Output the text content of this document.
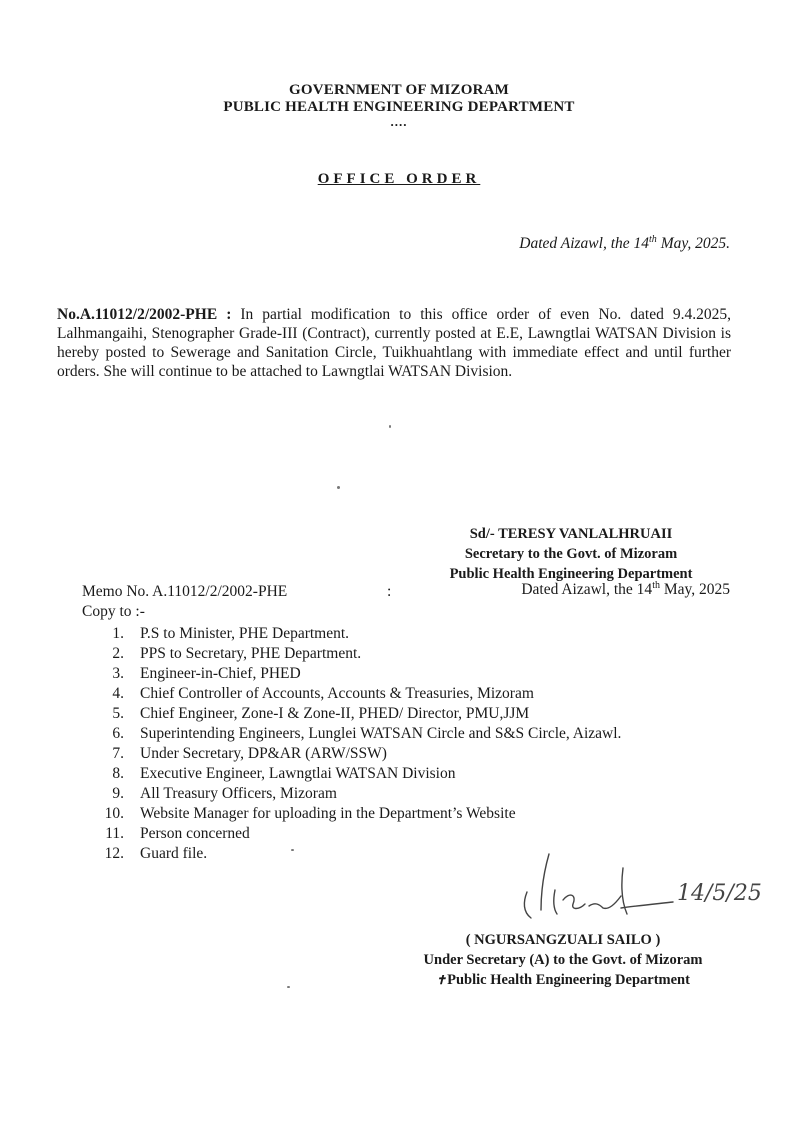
GOVERNMENT OF MIZORAM
PUBLIC HEALTH ENGINEERING DEPARTMENT
....
OFFICE ORDER
Dated Aizawl, the 14th May, 2025.
No.A.11012/2/2002-PHE : In partial modification to this office order of even No. dated 9.4.2025, Lalhmangaihi, Stenographer Grade-III (Contract), currently posted at E.E, Lawngtlai WATSAN Division is hereby posted to Sewerage and Sanitation Circle, Tuikhuahtlang with immediate effect and until further orders. She will continue to be attached to Lawngtlai WATSAN Division.
Sd/- TERESY VANLALHRUAII
Secretary to the Govt. of Mizoram
Public Health Engineering Department
Memo No. A.11012/2/2002-PHE	:	Dated Aizawl, the 14th May, 2025
Copy to :-
1. P.S to Minister, PHE Department.
2. PPS to Secretary, PHE Department.
3. Engineer-in-Chief, PHED
4. Chief Controller of Accounts, Accounts & Treasuries, Mizoram
5. Chief Engineer, Zone-I & Zone-II, PHED/ Director, PMU,JJM
6. Superintending Engineers, Lunglei WATSAN Circle and S&S Circle, Aizawl.
7. Under Secretary, DP&AR (ARW/SSW)
8. Executive Engineer, Lawngtlai WATSAN Division
9. All Treasury Officers, Mizoram
10. Website Manager for uploading in the Department’s Website
11. Person concerned
12. Guard file.
14/5/25
( NGURSANGZUALI SAILO )
Under Secretary (A) to the Govt. of Mizoram
✝Public Health Engineering Department
